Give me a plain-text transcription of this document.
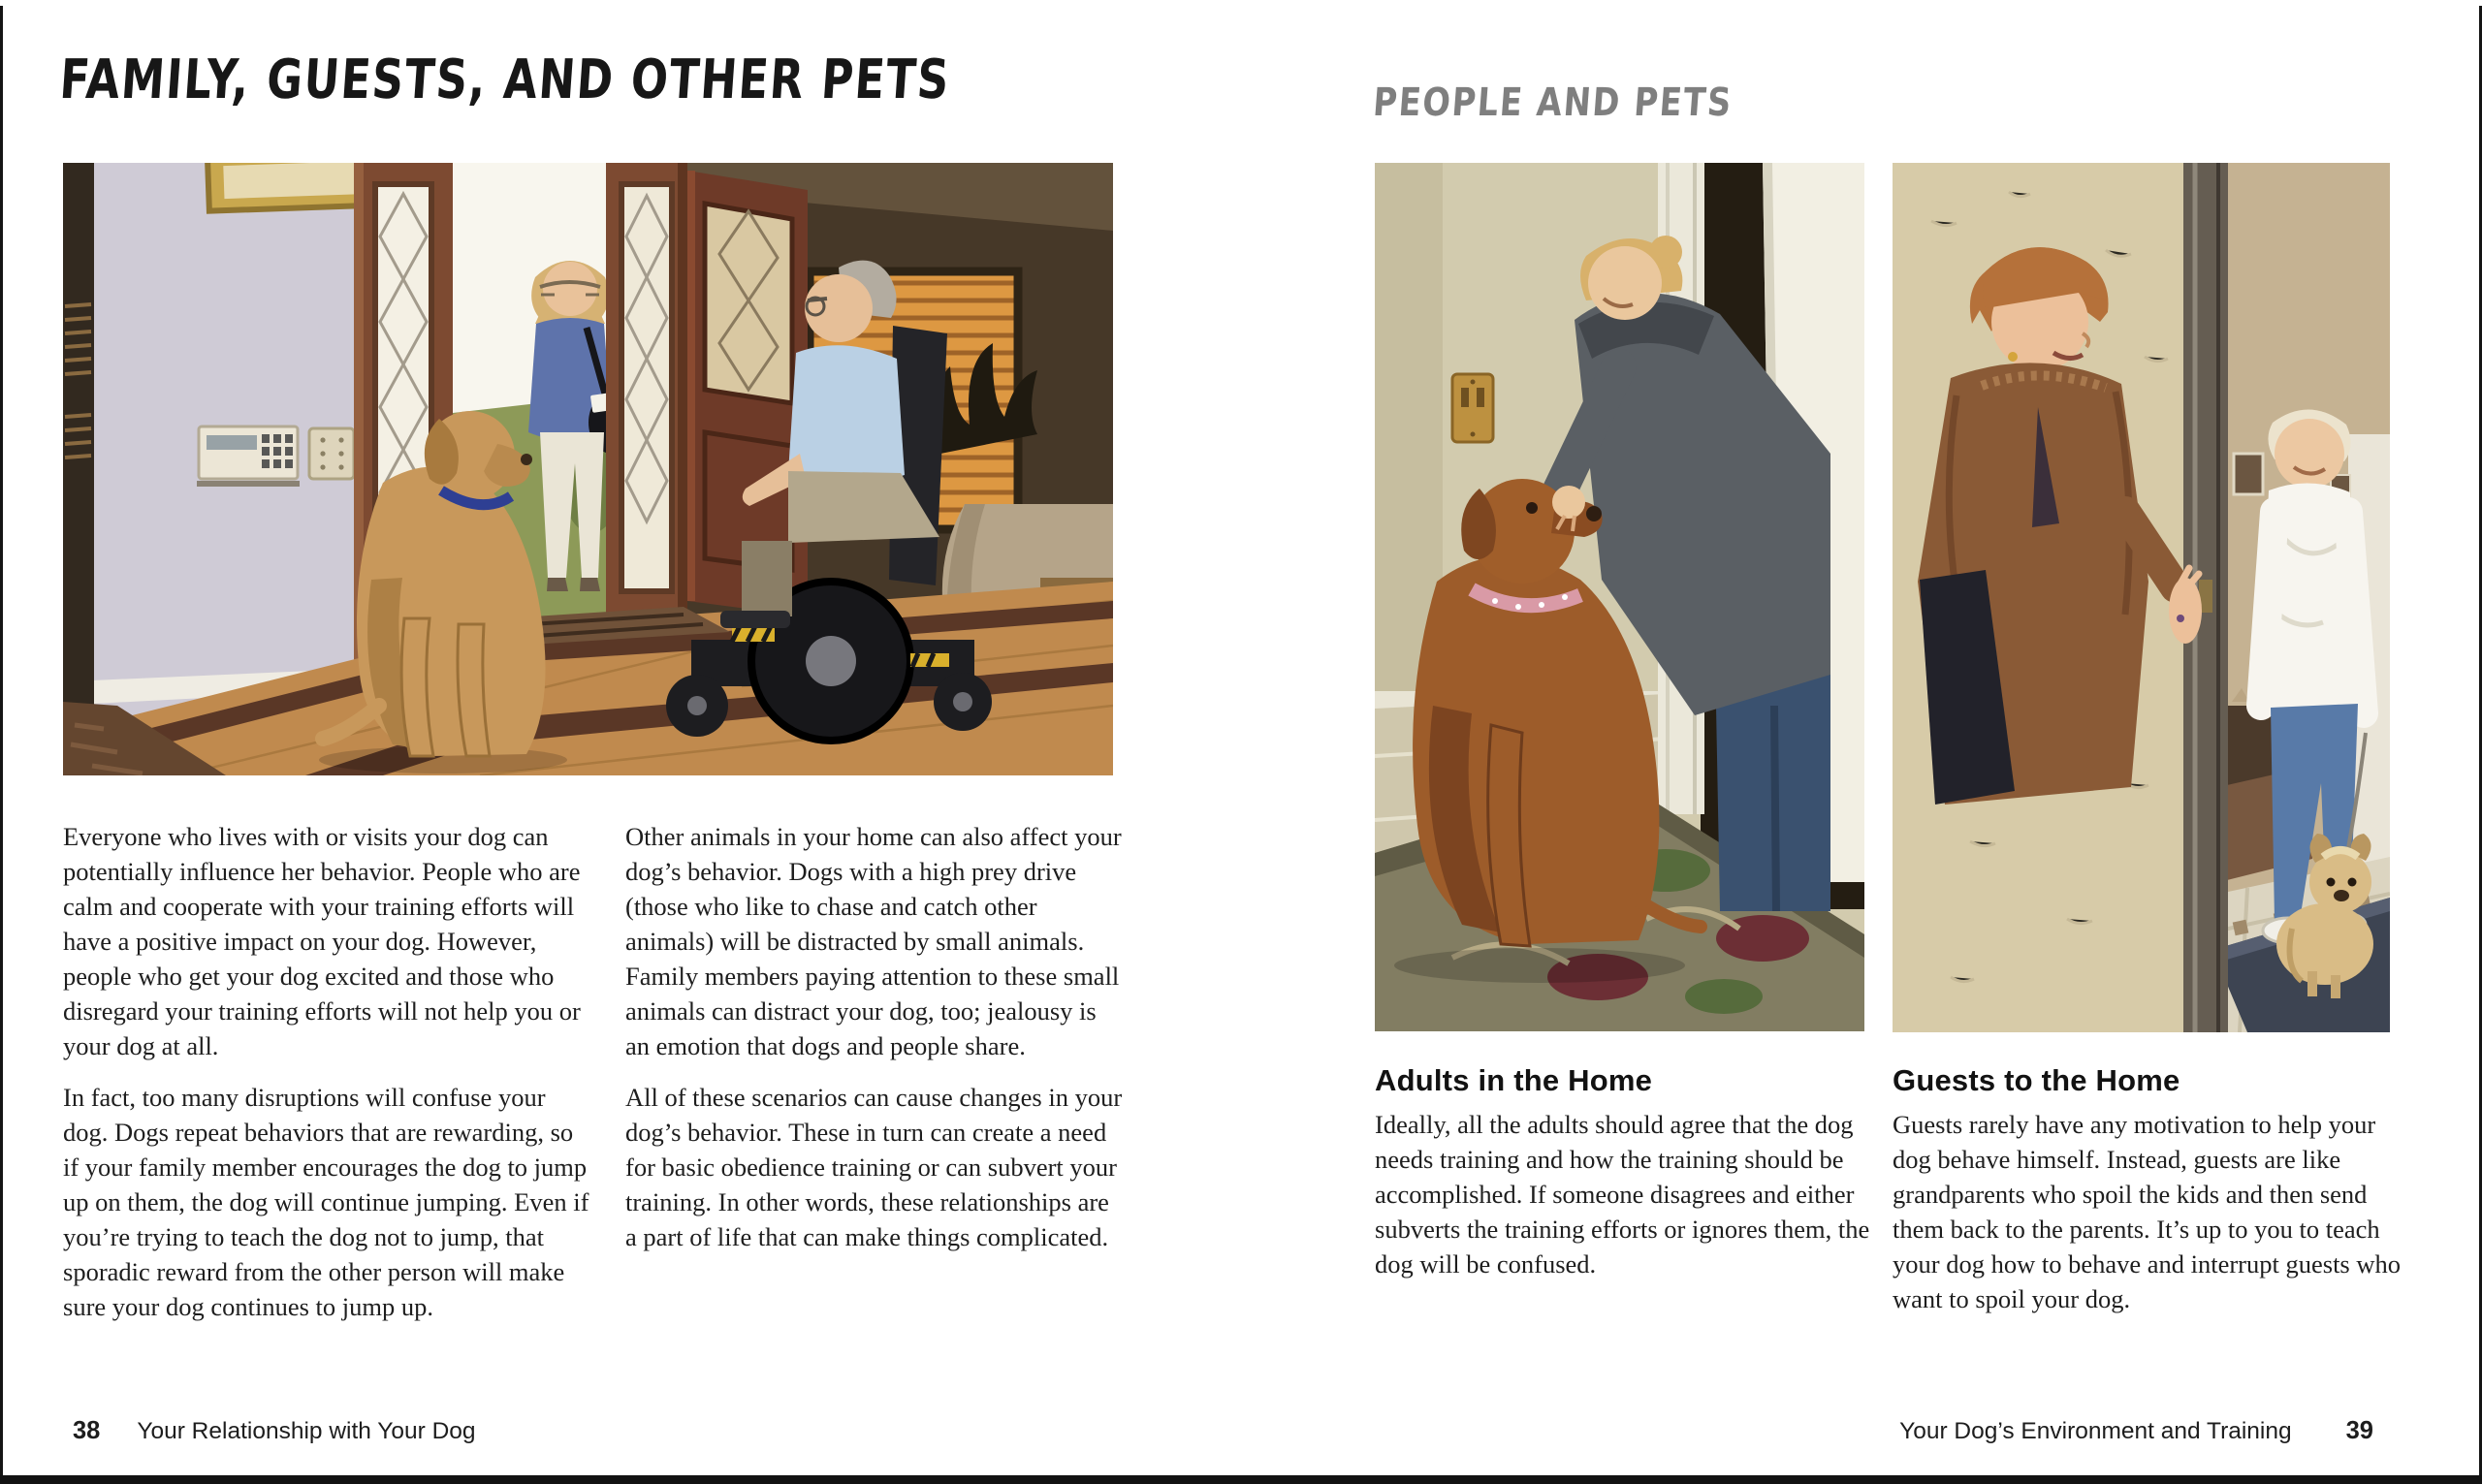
FAMILY, GUESTS, AND OTHER PETS

Everyone who lives with or visits your dog can potentially influence her behavior. People who are calm and cooperate with your training efforts will have a positive impact on your dog. However, people who get your dog excited and those who disregard your training efforts will not help you or your dog at all.

In fact, too many disruptions will confuse your dog. Dogs repeat behaviors that are rewarding, so if your family member encourages the dog to jump up on them, the dog will continue jumping. Even if you’re trying to teach the dog not to jump, that sporadic reward from the other person will make sure your dog continues to jump up.

Other animals in your home can also affect your dog’s behavior. Dogs with a high prey drive (those who like to chase and catch other animals) will be distracted by small animals. Family members paying attention to these small animals can distract your dog, too; jealousy is an emotion that dogs and people share.

All of these scenarios can cause changes in your dog’s behavior. These in turn can create a need for basic obedience training or can subvert your training. In other words, these relationships are a part of life that can make things complicated.

38 Your Relationship with Your Dog
PEOPLE AND PETS
Adults in the Home

Ideally, all the adults should agree that the dog needs training and how the training should be accomplished. If someone disagrees and either subverts the training efforts or ignores them, the dog will be confused.

Guests to the Home

Guests rarely have any motivation to help your dog behave himself. Instead, guests are like grandparents who spoil the kids and then send them back to the parents. It’s up to you to teach your dog how to behave and interrupt guests who want to spoil your dog.

Your Dog’s Environment and Training 39
